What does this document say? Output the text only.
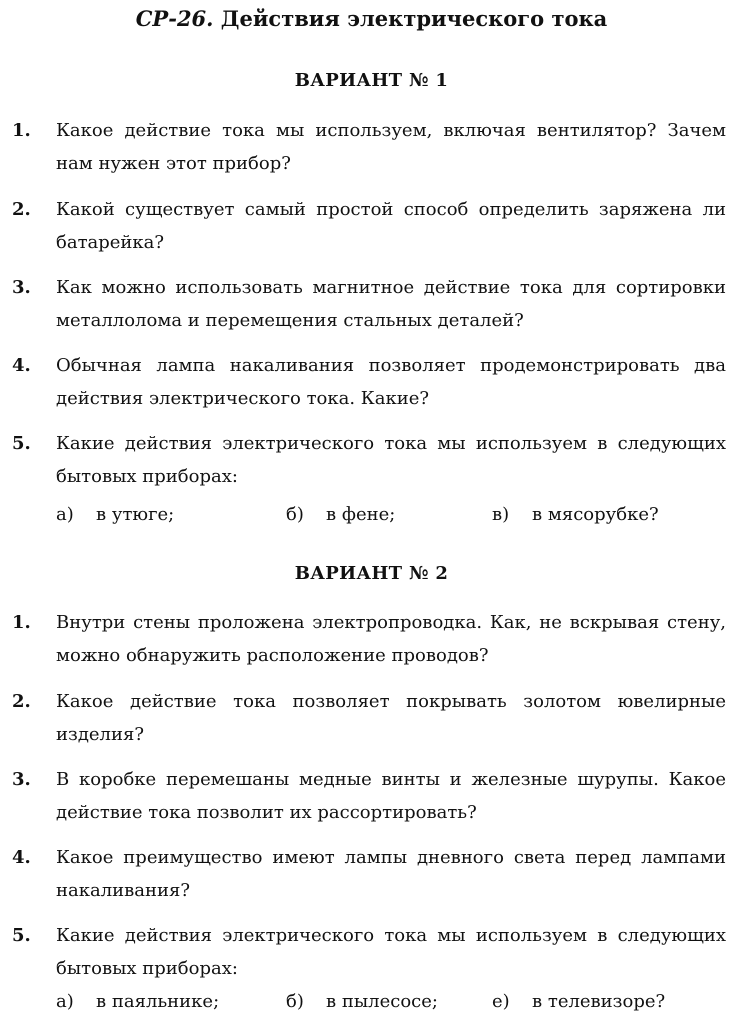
СР-26. Действия электрического тока
ВАРИАНТ № 1
1. Какое действие тока мы используем, включая вентилятор? Зачем нам нужен этот прибор?
2. Какой существует самый простой способ определить заряжена ли батарейка?
3. Как можно использовать магнитное действие тока для сортировки металлолома и перемещения стальных деталей?
4. Обычная лампа накаливания позволяет продемонстрировать два действия электрического тока. Какие?
5. Какие действия электрического тока мы используем в следующих бытовых приборах:
а) в утюге;	б) в фене;	в) в мясорубке?
ВАРИАНТ № 2
1. Внутри стены проложена электропроводка. Как, не вскрывая стену, можно обнаружить расположение проводов?
2. Какое действие тока позволяет покрывать золотом ювелирные изделия?
3. В коробке перемешаны медные винты и железные шурупы. Какое действие тока позволит их рассортировать?
4. Какое преимущество имеют лампы дневного света перед лампами накаливания?
5. Какие действия электрического тока мы используем в следующих бытовых приборах:
а) в паяльнике;	б) в пылесосе;	е) в телевизоре?
